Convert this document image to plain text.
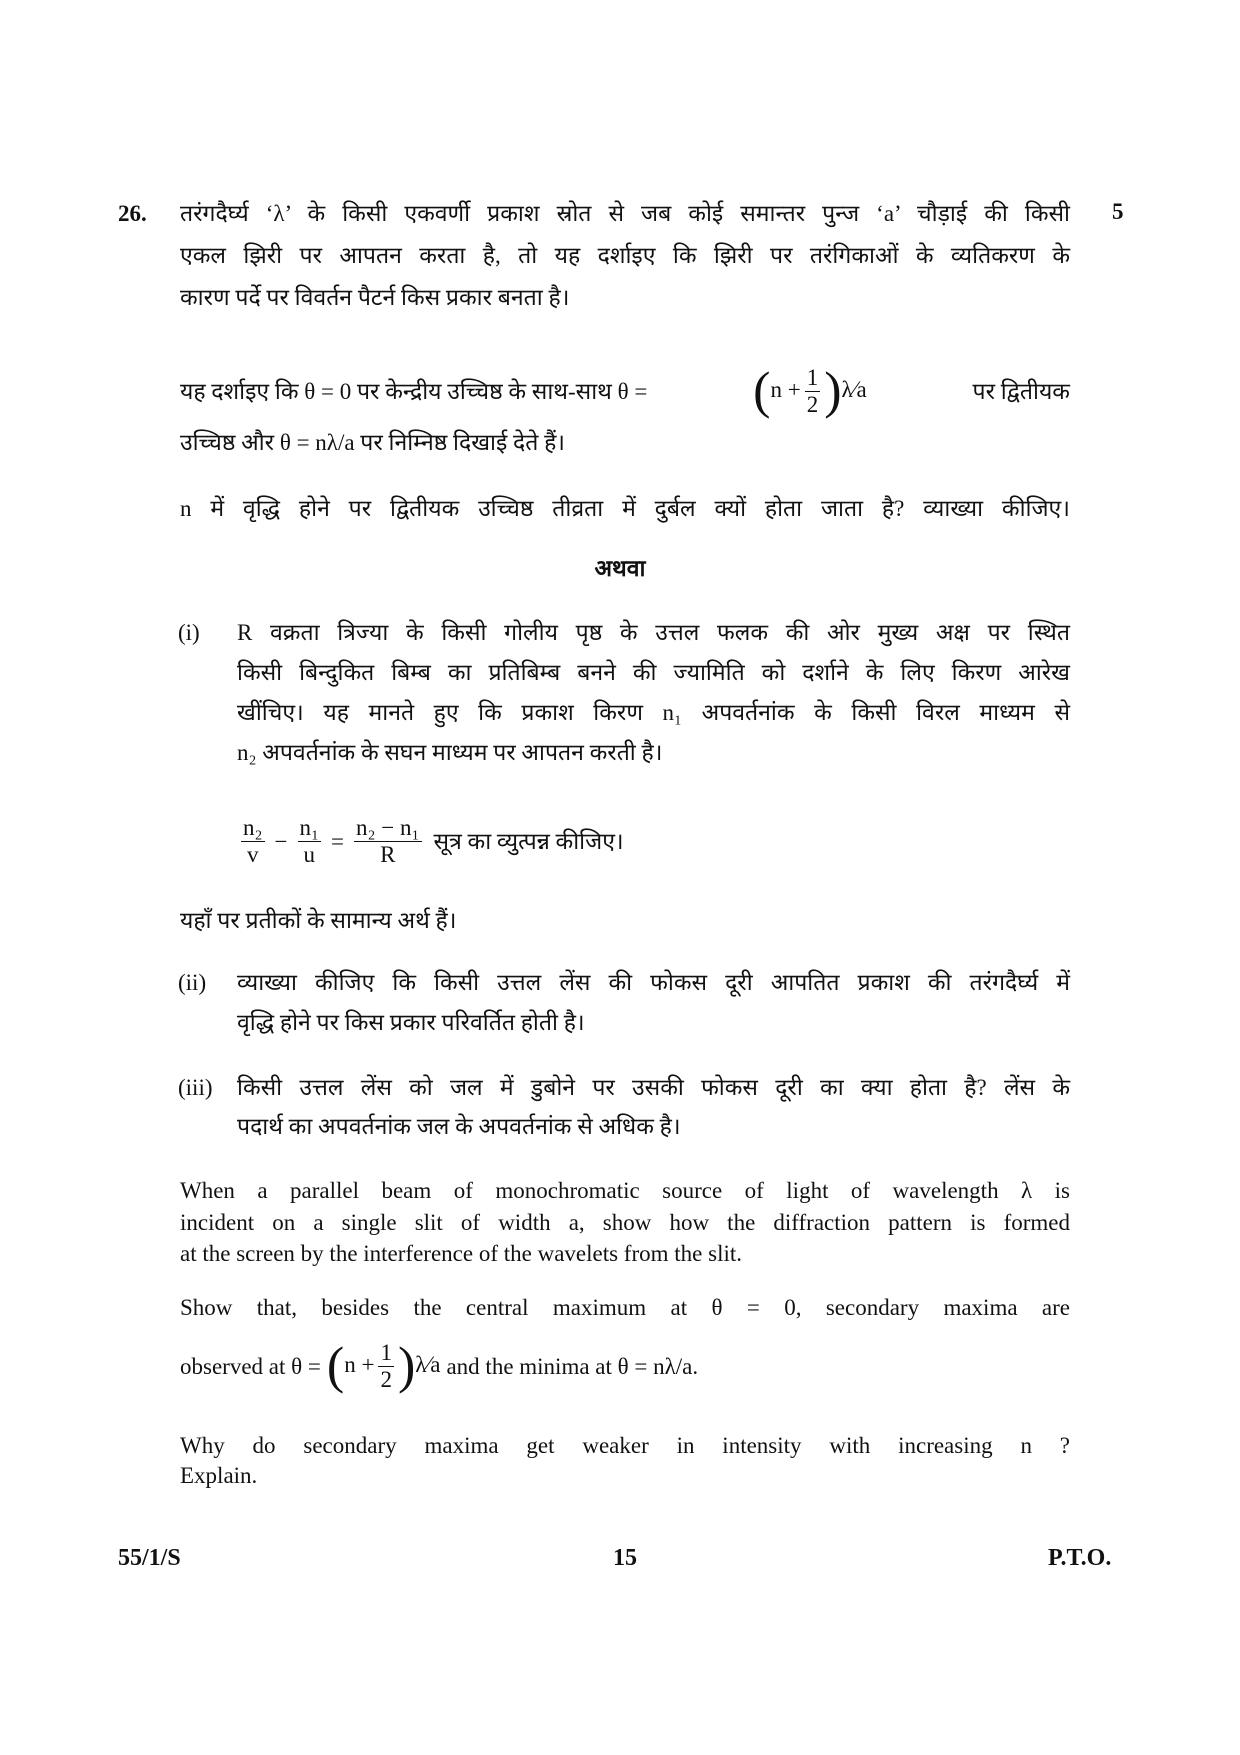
26.	5
तरंगदैर्घ्य ‘λ’ के किसी एकवर्णी प्रकाश स्रोत से जब कोई समान्तर पुन्ज ‘a’ चौड़ाई की किसी
एकल झिरी पर आपतन करता है, तो यह दर्शाइए कि झिरी पर तरंगिकाओं के व्यतिकरण के
कारण पर्दे पर विवर्तन पैटर्न किस प्रकार बनता है।
यह दर्शाइए कि θ = 0 पर केन्द्रीय उच्चिष्ठ के साथ-साथ $\theta = (n + \frac{1}{2}$ )λ⁄a	पर द्वितीयक
उच्चिष्ठ और θ = nλ/a पर निम्निष्ठ दिखाई देते हैं।
n में वृद्धि होने पर द्वितीयक उच्चिष्ठ तीव्रता में दुर्बल क्यों होता जाता है? व्याख्या कीजिए।
अथवा
(i) R वक्रता त्रिज्या के किसी गोलीय पृष्ठ के उत्तल फलक की ओर मुख्य अक्ष पर स्थित
किसी बिन्दुकित बिम्ब का प्रतिबिम्ब बनने की ज्यामिति को दर्शाने के लिए किरण आरेख
खींचिए। यह मानते हुए कि प्रकाश किरण n₁ अपवर्तनांक के किसी विरल माध्यम से
n₂ अपवर्तनांक के सघन माध्यम पर आपतन करती है।
$\frac{\text{n₂}}{v} - \frac{\text{n₁}}{u} = \frac{\text{n₂ − n₁}}{R}$ सूत्र का व्युत्पन्न कीजिए।
यहाँ पर प्रतीकों के सामान्य अर्थ हैं।
(ii) व्याख्या कीजिए कि किसी उत्तल लेंस की फोकस दूरी आपतित प्रकाश की तरंगदैर्घ्य में
वृद्धि होने पर किस प्रकार परिवर्तित होती है।
(iii) किसी उत्तल लेंस को जल में डुबोने पर उसकी फोकस दूरी का क्या होता है? लेंस के
पदार्थ का अपवर्तनांक जल के अपवर्तनांक से अधिक है।
When a parallel beam of monochromatic source of light of wavelength λ is
incident on a single slit of width a, show how the diffraction pattern is formed
at the screen by the interference of the wavelets from the slit.
Show that, besides the central maximum at θ = 0, secondary maxima are
observed at $\theta = (n + \frac{1}{2}$ )λ⁄a and the minima at θ = nλ/a.
Why do secondary maxima get weaker in intensity with increasing n ?
Explain.
55/1/S	15	P.T.O.
